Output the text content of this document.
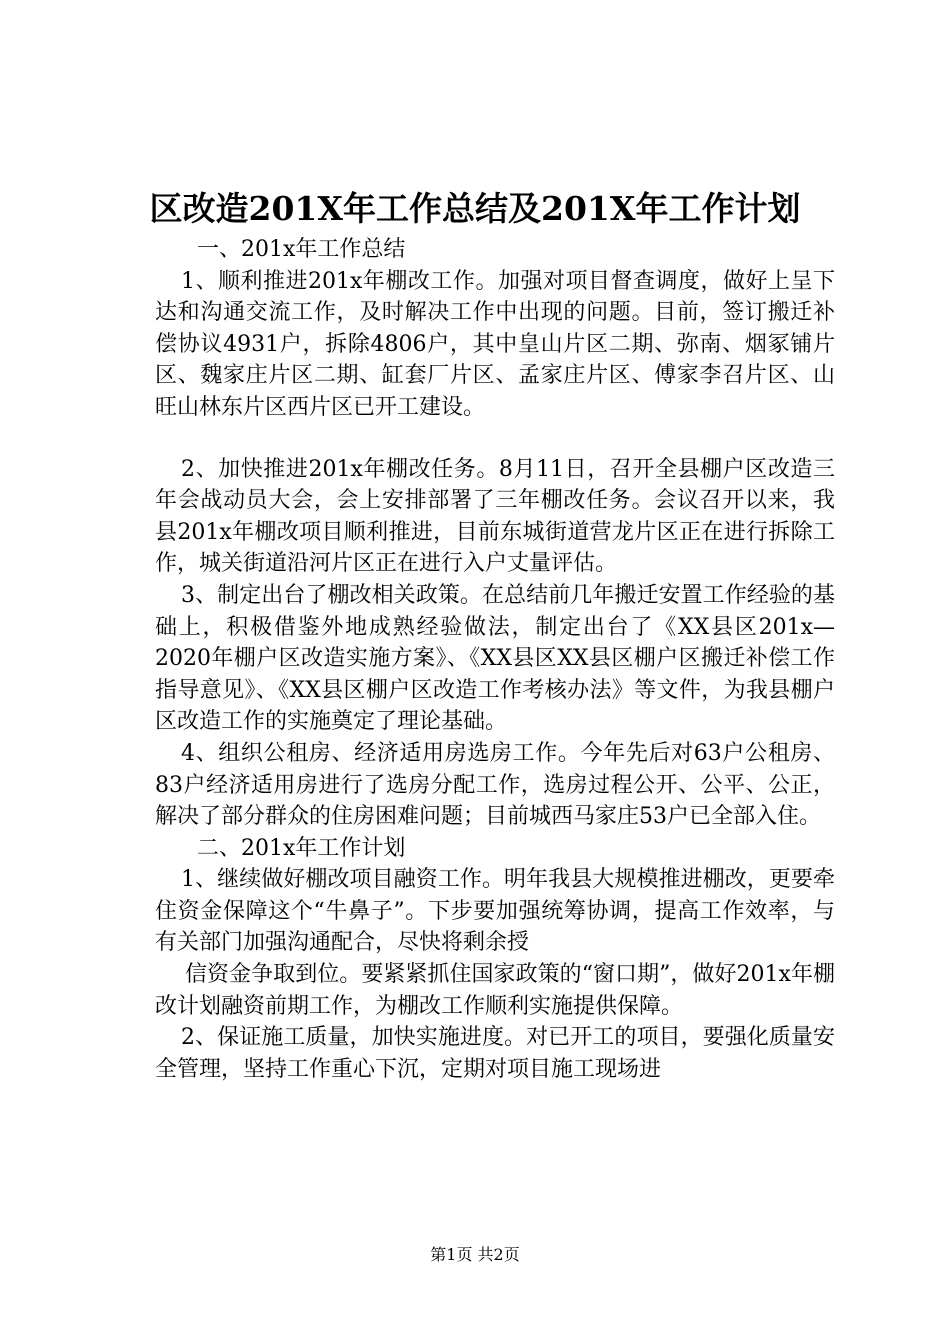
区改造201X年工作总结及201X年工作计划

一、201x年工作总结

1、顺利推进201x年棚改工作。加强对项目督查调度，做好上呈下达和沟通交流工作，及时解决工作中出现的问题。目前，签订搬迁补偿协议4931户，拆除4806户，其中皇山片区二期、弥南、烟冢铺片区、魏家庄片区二期、缸套厂片区、孟家庄片区、傅家李召片区、山旺山林东片区西片区已开工建设。

2、加快推进201x年棚改任务。8月11日，召开全县棚户区改造三年会战动员大会，会上安排部署了三年棚改任务。会议召开以来，我县201x年棚改项目顺利推进，目前东城街道营龙片区正在进行拆除工作，城关街道沿河片区正在进行入户丈量评估。

3、制定出台了棚改相关政策。在总结前几年搬迁安置工作经验的基础上，积极借鉴外地成熟经验做法，制定出台了《XX县区201x—2020年棚户区改造实施方案》、《XX县区XX县区棚户区搬迁补偿工作指导意见》、《XX县区棚户区改造工作考核办法》等文件，为我县棚户区改造工作的实施奠定了理论基础。

4、组织公租房、经济适用房选房工作。今年先后对63户公租房、83户经济适用房进行了选房分配工作，选房过程公开、公平、公正，解决了部分群众的住房困难问题；目前城西马家庄53户已全部入住。

二、201x年工作计划

1、继续做好棚改项目融资工作。明年我县大规模推进棚改，更要牵住资金保障这个“牛鼻子”。下步要加强统筹协调，提高工作效率，与有关部门加强沟通配合，尽快将剩余授

信资金争取到位。要紧紧抓住国家政策的“窗口期”，做好201x年棚改计划融资前期工作，为棚改工作顺利实施提供保障。

2、保证施工质量，加快实施进度。对已开工的项目，要强化质量安全管理，坚持工作重心下沉，定期对项目施工现场进

第1页 共2页
